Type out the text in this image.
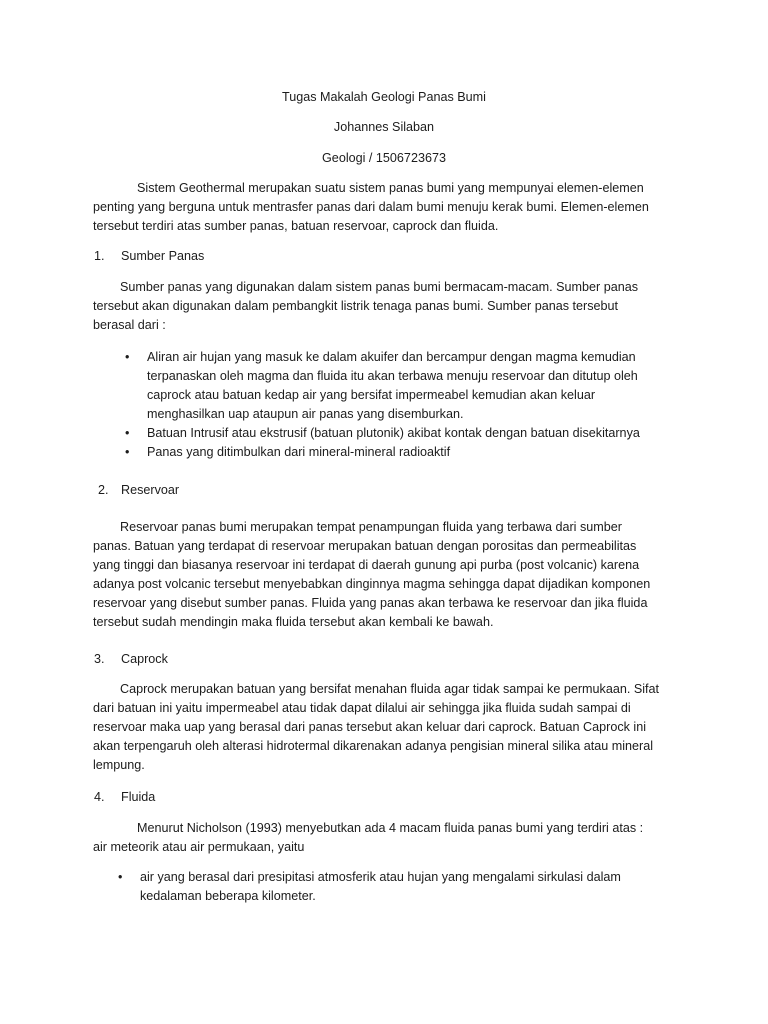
Tugas Makalah Geologi Panas Bumi
Johannes Silaban
Geologi / 1506723673
Sistem Geothermal merupakan suatu sistem panas bumi yang mempunyai elemen-elemen
penting yang berguna untuk mentrasfer panas dari dalam bumi menuju kerak bumi. Elemen-elemen
tersebut terdiri atas sumber panas, batuan reservoar, caprock dan fluida.
1. Sumber Panas
Sumber panas yang digunakan dalam sistem panas bumi bermacam-macam. Sumber panas
tersebut akan digunakan dalam pembangkit listrik tenaga panas bumi. Sumber panas tersebut
berasal dari :
• Aliran air hujan yang masuk ke dalam akuifer dan bercampur dengan magma kemudian
terpanaskan oleh magma dan fluida itu akan terbawa menuju reservoar dan ditutup oleh
caprock atau batuan kedap air yang bersifat impermeabel kemudian akan keluar
menghasilkan uap ataupun air panas yang disemburkan.
• Batuan Intrusif atau ekstrusif (batuan plutonik) akibat kontak dengan batuan disekitarnya
• Panas yang ditimbulkan dari mineral-mineral radioaktif
2. Reservoar
Reservoar panas bumi merupakan tempat penampungan fluida yang terbawa dari sumber
panas. Batuan yang terdapat di reservoar merupakan batuan dengan porositas dan permeabilitas
yang tinggi dan biasanya reservoar ini terdapat di daerah gunung api purba (post volcanic) karena
adanya post volcanic tersebut menyebabkan dinginnya magma sehingga dapat dijadikan komponen
reservoar yang disebut sumber panas. Fluida yang panas akan terbawa ke reservoar dan jika fluida
tersebut sudah mendingin maka fluida tersebut akan kembali ke bawah.
3. Caprock
Caprock merupakan batuan yang bersifat menahan fluida agar tidak sampai ke permukaan. Sifat
dari batuan ini yaitu impermeabel atau tidak dapat dilalui air sehingga jika fluida sudah sampai di
reservoar maka uap yang berasal dari panas tersebut akan keluar dari caprock. Batuan Caprock ini
akan terpengaruh oleh alterasi hidrotermal dikarenakan adanya pengisian mineral silika atau mineral
lempung.
4. Fluida
Menurut Nicholson (1993) menyebutkan ada 4 macam fluida panas bumi yang terdiri atas :
air meteorik atau air permukaan, yaitu
• air yang berasal dari presipitasi atmosferik atau hujan yang mengalami sirkulasi dalam
kedalaman beberapa kilometer.
